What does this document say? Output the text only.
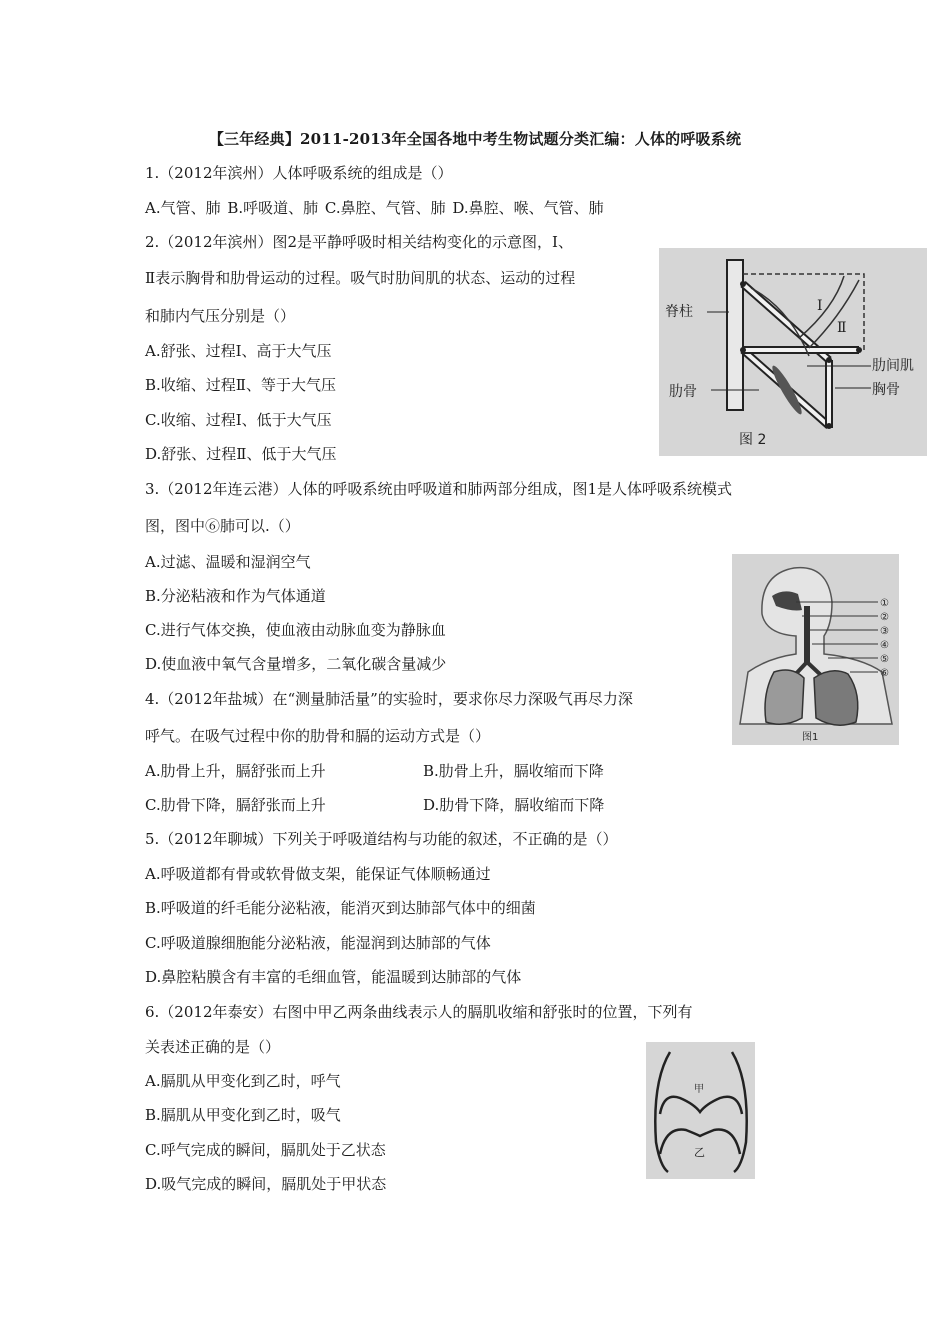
【三年经典】2011-2013年全国各地中考生物试题分类汇编：人体的呼吸系统
1.（2012年滨州）人体呼吸系统的组成是（）
A.气管、肺 B.呼吸道、肺 C.鼻腔、气管、肺 D.鼻腔、喉、气管、肺
2.（2012年滨州）图2是平静呼吸时相关结构变化的示意图，Ⅰ、
Ⅱ表示胸骨和肋骨运动的过程。吸气时肋间肌的状态、运动的过程
和肺内气压分别是（）
A.舒张、过程Ⅰ、高于大气压
B.收缩、过程Ⅱ、等于大气压
C.收缩、过程Ⅰ、低于大气压
D.舒张、过程Ⅱ、低于大气压
脊柱
肋骨
肋间肌
胸骨
Ⅰ
Ⅱ
图 2
3.（2012年连云港）人体的呼吸系统由呼吸道和肺两部分组成，图1是人体呼吸系统模式
图，图中⑥肺可以.（）
A.过滤、温暖和湿润空气
B.分泌粘液和作为气体通道
C.进行气体交换，使血液由动脉血变为静脉血
D.使血液中氧气含量增多，二氧化碳含量减少
①
②
③
④
⑤
⑥
图1
4.（2012年盐城）在“测量肺活量”的实验时，要求你尽力深吸气再尽力深
呼气。在吸气过程中你的肋骨和膈的运动方式是（）
A.肋骨上升，膈舒张而上升	B.肋骨上升，膈收缩而下降
C.肋骨下降，膈舒张而上升	D.肋骨下降，膈收缩而下降
5.（2012年聊城）下列关于呼吸道结构与功能的叙述，不正确的是（）
A.呼吸道都有骨或软骨做支架，能保证气体顺畅通过
B.呼吸道的纤毛能分泌粘液，能消灭到达肺部气体中的细菌
C.呼吸道腺细胞能分泌粘液，能湿润到达肺部的气体
D.鼻腔粘膜含有丰富的毛细血管，能温暖到达肺部的气体
6.（2012年泰安）右图中甲乙两条曲线表示人的膈肌收缩和舒张时的位置，下列有
关表述正确的是（）
A.膈肌从甲变化到乙时，呼气
B.膈肌从甲变化到乙时，吸气
C.呼气完成的瞬间，膈肌处于乙状态
D.吸气完成的瞬间，膈肌处于甲状态
甲
乙
